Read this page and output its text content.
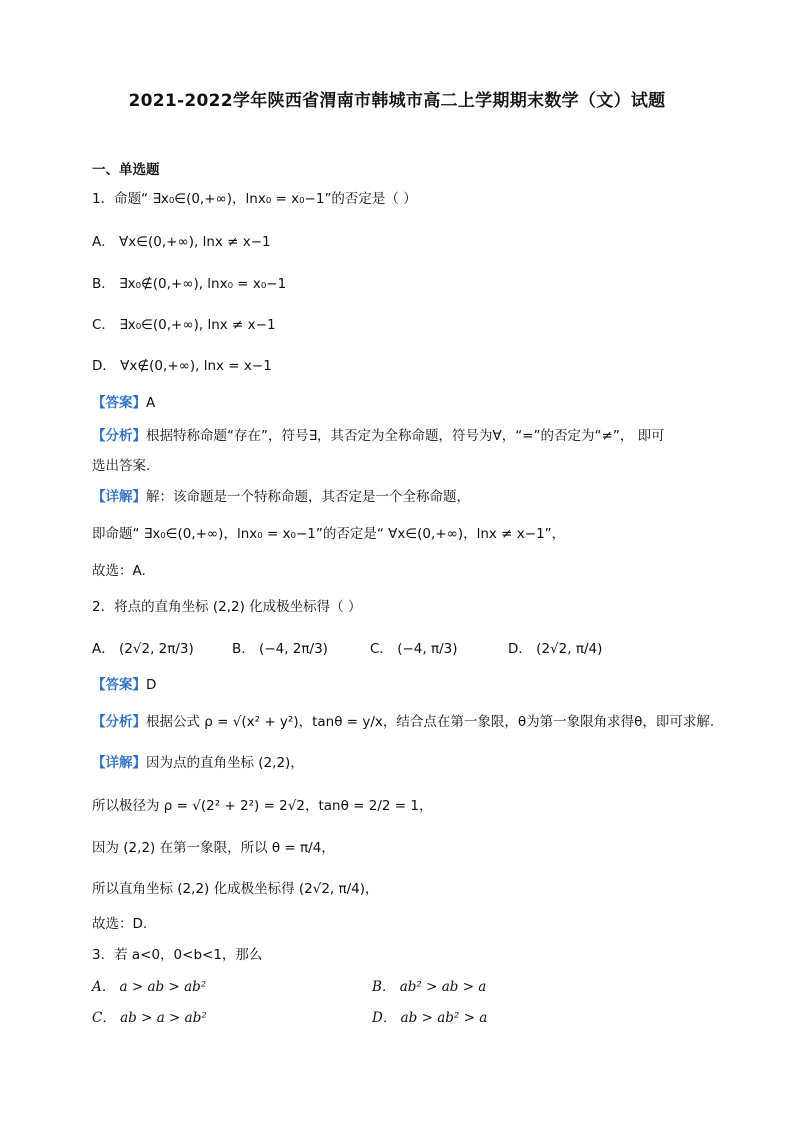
2021-2022学年陕西省渭南市韩城市高二上学期期末数学（文）试题
一、单选题
1．命题“ ∃x₀∈(0,+∞)，lnx₀ = x₀−1”的否定是（ ）
A． ∀x∈(0,+∞), lnx ≠ x−1
B． ∃x₀∉(0,+∞), lnx₀ = x₀−1
C． ∃x₀∈(0,+∞), lnx ≠ x−1
D． ∀x∉(0,+∞), lnx = x−1
【答案】A
【分析】根据特称命题“存在”，符号∃，其否定为全称命题，符号为∀，“=”的否定为“≠”， 即可
选出答案.
【详解】解：该命题是一个特称命题，其否定是一个全称命题，
即命题“ ∃x₀∈(0,+∞)，lnx₀ = x₀−1”的否定是“ ∀x∈(0,+∞)，lnx ≠ x−1”，
故选：A.
2．将点的直角坐标 (2,2) 化成极坐标得（ ）
A． (2√2, 2π/3)	B． (−4, 2π/3)	C． (−4, π/3)	D． (2√2, π/4)
【答案】D
【分析】根据公式 ρ = √(x² + y²)，tanθ = y/x，结合点在第一象限，θ为第一象限角求得θ，即可求解.
【详解】因为点的直角坐标 (2,2)，
所以极径为 ρ = √(2² + 2²) = 2√2，tanθ = 2/2 = 1，
因为 (2,2) 在第一象限，所以 θ = π/4，
所以直角坐标 (2,2) 化成极坐标得 (2√2, π/4)，
故选：D.
3．若 a<0，0<b<1，那么
A． a > ab > ab²	B． ab² > ab > a
C． ab > a > ab²	D． ab > ab² > a
